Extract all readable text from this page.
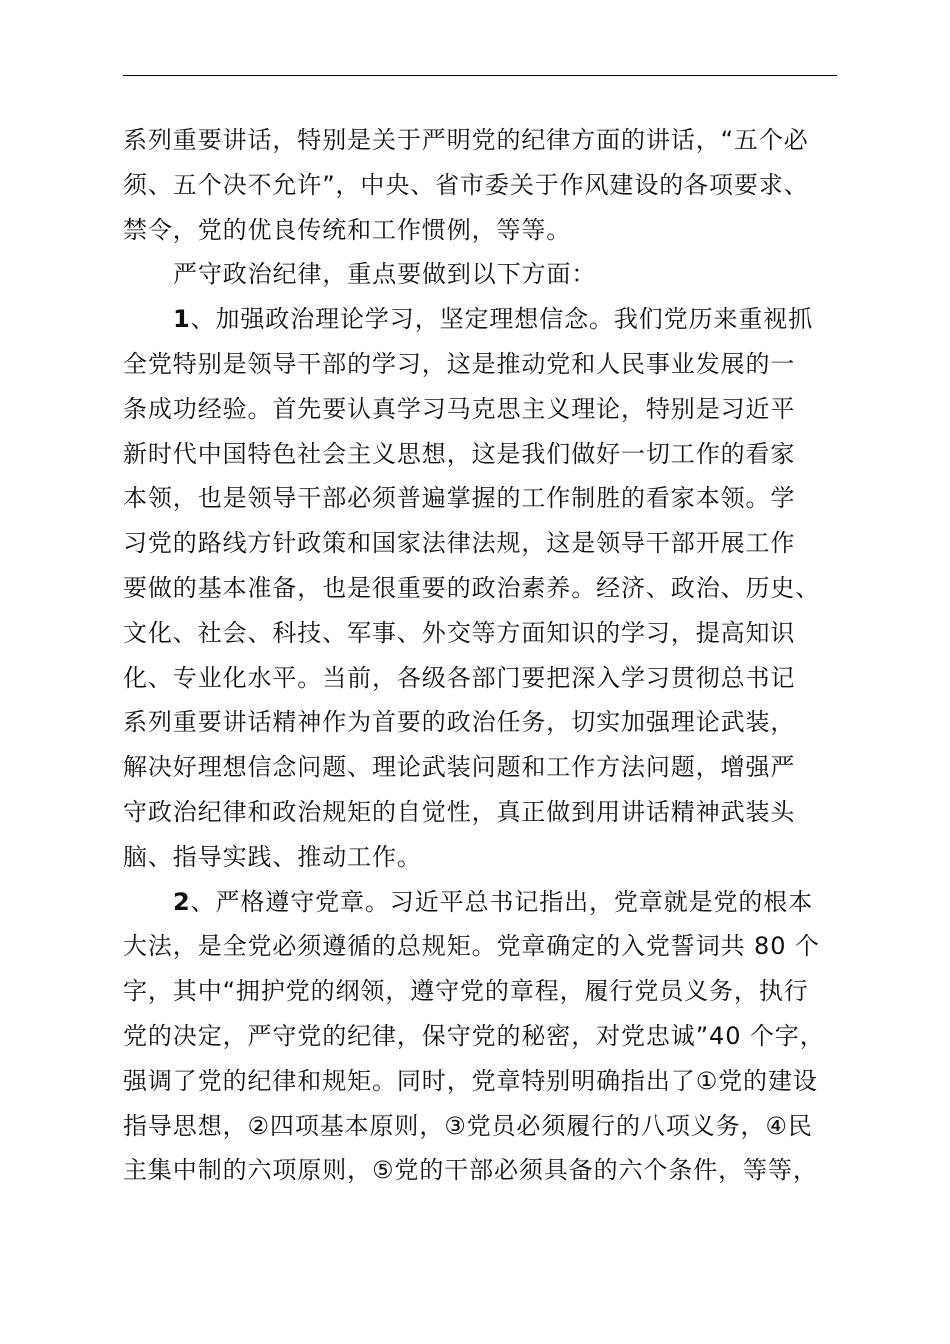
系列重要讲话，特别是关于严明党的纪律方面的讲话，“五个必
须、五个决不允许”，中央、省市委关于作风建设的各项要求、
禁令，党的优良传统和工作惯例，等等。
严守政治纪律，重点要做到以下方面：
1、加强政治理论学习，坚定理想信念。我们党历来重视抓
全党特别是领导干部的学习，这是推动党和人民事业发展的一
条成功经验。首先要认真学习马克思主义理论，特别是习近平
新时代中国特色社会主义思想，这是我们做好一切工作的看家
本领，也是领导干部必须普遍掌握的工作制胜的看家本领。学
习党的路线方针政策和国家法律法规，这是领导干部开展工作
要做的基本准备，也是很重要的政治素养。经济、政治、历史、
文化、社会、科技、军事、外交等方面知识的学习，提高知识
化、专业化水平。当前，各级各部门要把深入学习贯彻总书记
系列重要讲话精神作为首要的政治任务，切实加强理论武装，
解决好理想信念问题、理论武装问题和工作方法问题，增强严
守政治纪律和政治规矩的自觉性，真正做到用讲话精神武装头
脑、指导实践、推动工作。
2、严格遵守党章。习近平总书记指出，党章就是党的根本
大法，是全党必须遵循的总规矩。党章确定的入党誓词共 80 个
字，其中“拥护党的纲领，遵守党的章程，履行党员义务，执行
党的决定，严守党的纪律，保守党的秘密，对党忠诚”40 个字，
强调了党的纪律和规矩。同时，党章特别明确指出了①党的建设
指导思想，②四项基本原则，③党员必须履行的八项义务，④民
主集中制的六项原则，⑤党的干部必须具备的六个条件，等等，
